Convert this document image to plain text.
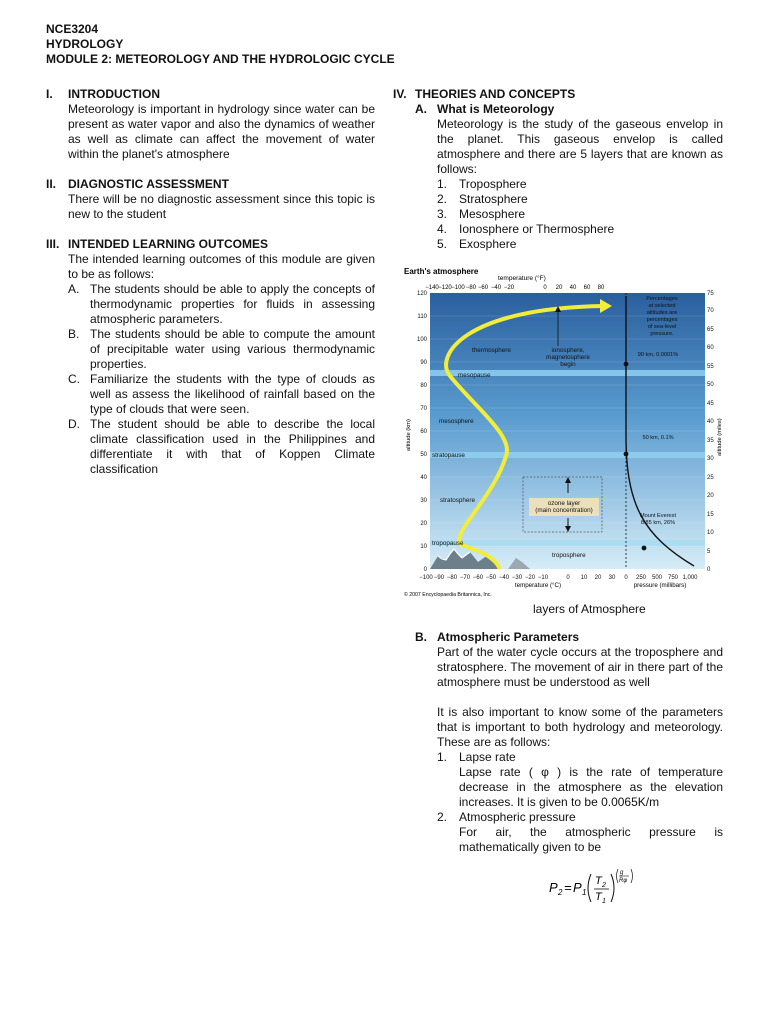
NCE3204
HYDROLOGY
MODULE 2: METEOROLOGY AND THE HYDROLOGIC CYCLE
I. INTRODUCTION
Meteorology is important in hydrology since water can be present as water vapor and also the dynamics of weather as well as climate can affect the movement of water within the planet's atmosphere
II. DIAGNOSTIC ASSESSMENT
There will be no diagnostic assessment since this topic is new to the student
III. INTENDED LEARNING OUTCOMES
The intended learning outcomes of this module are given to be as follows:
A. The students should be able to apply the concepts of thermodynamic properties for fluids in assessing atmospheric parameters.
B. The students should be able to compute the amount of precipitable water using various thermodynamic properties.
C. Familiarize the students with the type of clouds as well as assess the likelihood of rainfall based on the type of clouds that were seen.
D. The student should be able to describe the local climate classification used in the Philippines and differentiate it with that of Koppen Climate classification
IV. THEORIES AND CONCEPTS
A. What is Meteorology
Meteorology is the study of the gaseous envelop in the planet. This gaseous envelop is called atmosphere and there are 5 layers that are known as follows:
1. Troposphere
2. Stratosphere
3. Mesosphere
4. Ionosphere or Thermosphere
5. Exosphere
Earth's atmosphere
temperature (°F)
−140 −120 −100 −80 −60 −40 −20	0 20 40 60 80
thermosphere	ionosphere,
magnetosphere
begin
mesopause
mesosphere
stratopause
stratosphere	ozone layer
(main concentration)
tropopause
troposphere
Percentages
at selected
altitudes are
percentages
of sea-level
pressure.
90 km, 0.0001%
50 km, 0.1%
Mount Everest
8.85 km, 26%
0
10
20
30
40
50
60
70
80
90
100
110
120
altitude (km)
0
5
10
15
20
25
30
35
40
45
50
55
60
65
70
75
altitude (miles)
−100 −90 −80 −70 −60 −50 −40 −30 −20 −10	0 10 20 30 0 250 500 750 1,000
temperature (°C)	pressure (millibars)
© 2007 Encyclopaedia Britannica, Inc.
layers of Atmosphere
B. Atmospheric Parameters
Part of the water cycle occurs at the troposphere and stratosphere. The movement of air in there part of the atmosphere must be understood as well
It is also important to know some of the parameters that is important to both hydrology and meteorology. These are as follows:
1. Lapse rate
Lapse rate ( φ ) is the rate of temperature decrease in the atmosphere as the elevation increases. It is given to be 0.0065K/m
2. Atmospheric pressure
For air, the atmospheric pressure is mathematically given to be
P 2 = P 1
T 2
T 1
g
Rφ
